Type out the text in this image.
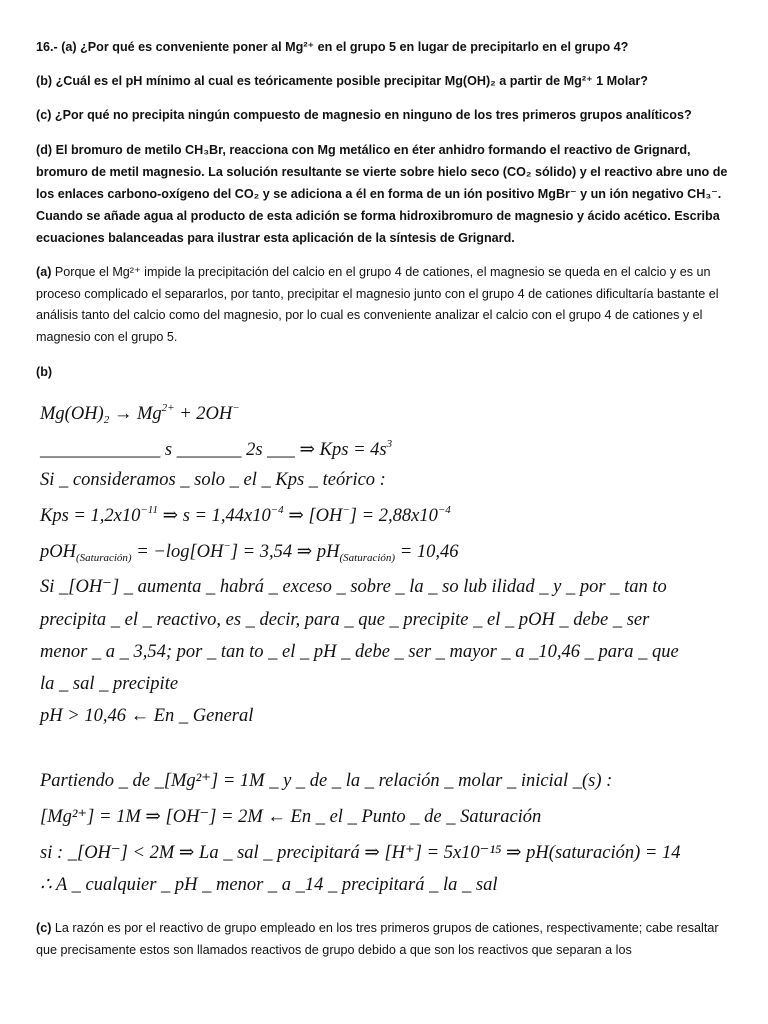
16.- (a) ¿Por qué es conveniente poner al Mg²⁺ en el grupo 5 en lugar de precipitarlo en el grupo 4?
(b) ¿Cuál es el pH mínimo al cual es teóricamente posible precipitar Mg(OH)₂ a partir de Mg²⁺ 1 Molar?
(c) ¿Por qué no precipita ningún compuesto de magnesio en ninguno de los tres primeros grupos analíticos?
(d) El bromuro de metilo CH₃Br, reacciona con Mg metálico en éter anhidro formando el reactivo de Grignard, bromuro de metil magnesio. La solución resultante se vierte sobre hielo seco (CO₂ sólido) y el reactivo abre uno de los enlaces carbono-oxígeno del CO₂ y se adiciona a él en forma de un ión positivo MgBr⁻ y un ión negativo CH₃⁻. Cuando se añade agua al producto de esta adición se forma hidroxibromuro de magnesio y ácido acético. Escriba ecuaciones balanceadas para ilustrar esta aplicación de la síntesis de Grignard.
(a) Porque el Mg²⁺ impide la precipitación del calcio en el grupo 4 de cationes, el magnesio se queda en el calcio y es un proceso complicado el separarlos, por tanto, precipitar el magnesio junto con el grupo 4 de cationes dificultaría bastante el análisis tanto del calcio como del magnesio, por lo cual es conveniente analizar el calcio con el grupo 4 de cationes y el magnesio con el grupo 5.
(b)
$Mg(OH)_2 \to Mg^{2+} + 2OH^-$
_____________ s _______ 2s ___ ⇒ Kps = $4s^3$
Si _ consideramos _ solo _ el _ Kps _ teórico :
Kps = $1,2x10^{-11}$ ⇒ $s = 1,44x10^{-4}$ ⇒ $[OH^-] = 2,88x10^{-4}$
pOH$_{(Saturación)}$ = −log[OH−] = 3,54 ⇒ $pH_{(Saturación)} = 10,46$
Si _[OH⁻] _ aumenta _ habrá _ exceso _ sobre _ la _ so lub ilidad _ y _ por _ tan to
precipita _ el _ reactivo, es _ decir, para _ que _ precipite _ el _ pOH _ debe _ ser
menor _ a _ 3,54; por _ tan to _ el _ pH _ debe _ ser _ mayor _ a _10,46 _ para _ que
la _ sal _ precipite
pH > 10,46 ← En _ General
Partiendo _ de _[Mg²⁺] = 1M _ y _ de _ la _ relación _ molar _ inicial _(s) :
[Mg²⁺] = 1M ⇒ [OH⁻] = 2M ← En _ el _ Punto _ de _ Saturación
si : _[OH⁻] < 2M ⇒ La _ sal _ precipitará ⇒ [H⁺] = 5x10⁻¹⁵ ⇒ pH(saturación) = 14
∴ A _ cualquier _ pH _ menor _ a _14 _ precipitará _ la _ sal
(c) La razón es por el reactivo de grupo empleado en los tres primeros grupos de cationes, respectivamente; cabe resaltar que precisamente estos son llamados reactivos de grupo debido a que son los reactivos que separan a los
